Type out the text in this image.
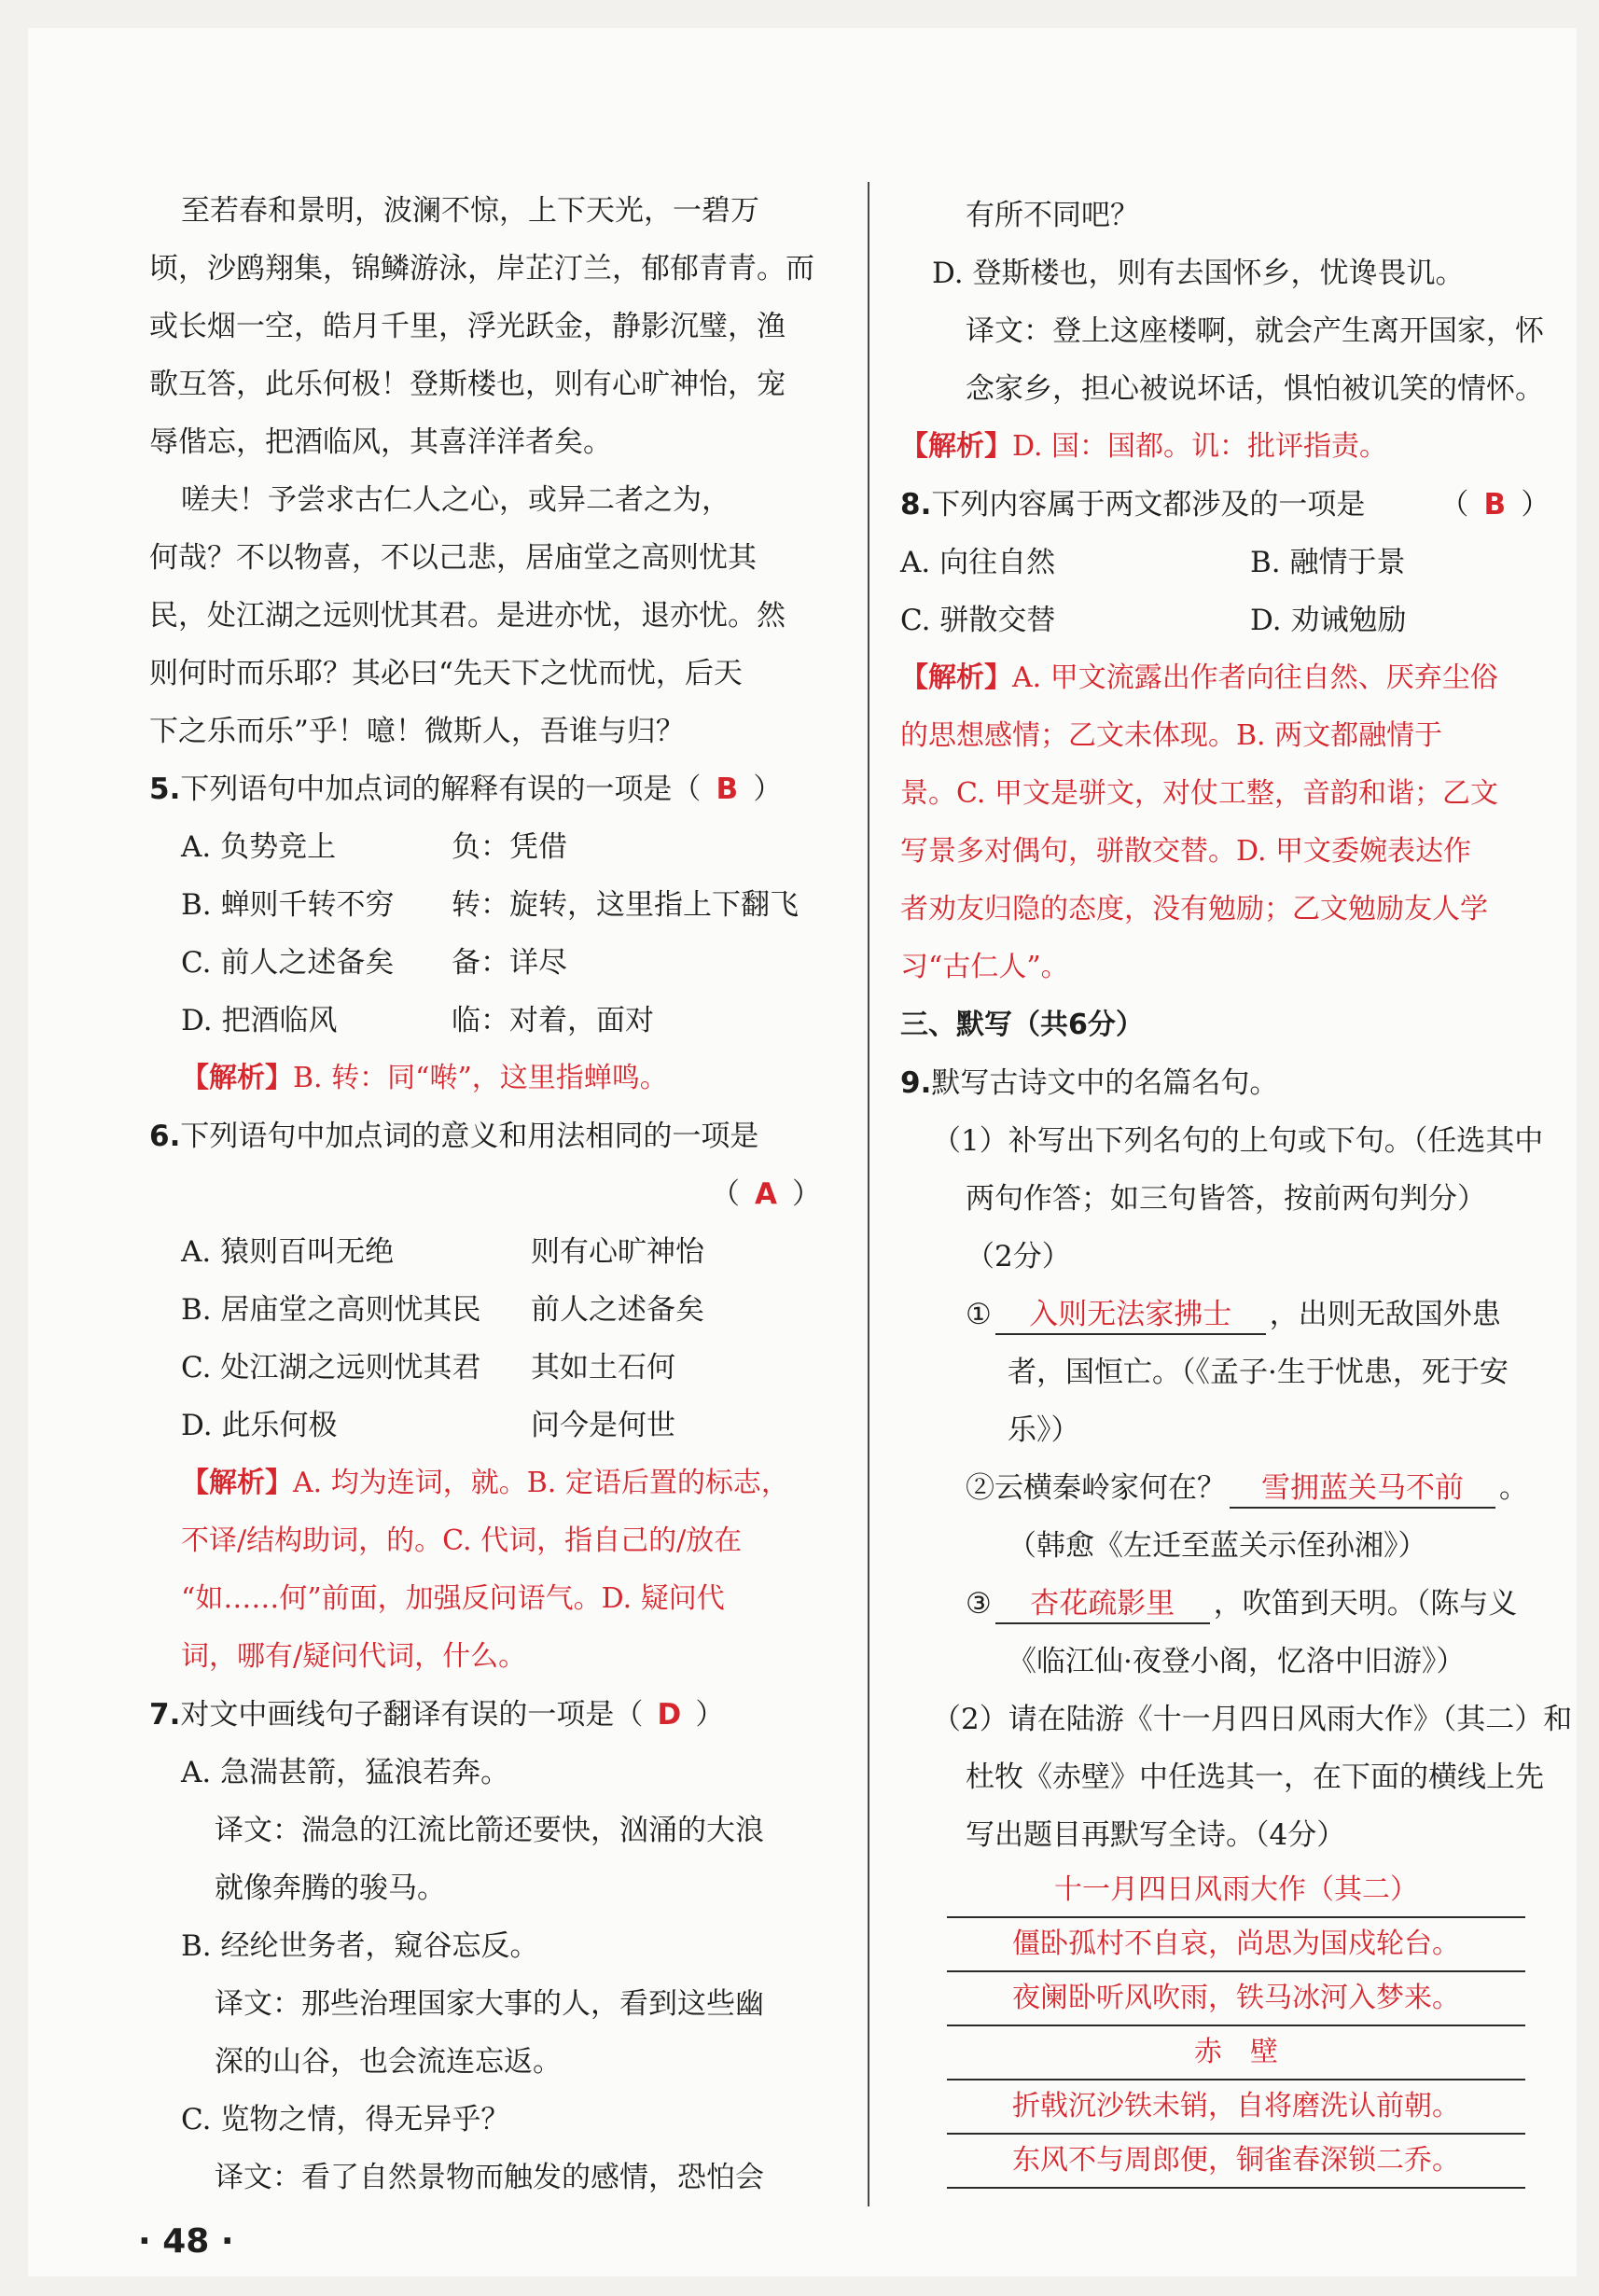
至若春和景明，波澜不惊，上下天光，一碧万
顷，沙鸥翔集，锦鳞游泳，岸芷汀兰，郁郁青青。而
或长烟一空，皓月千里，浮光跃金，静影沉璧，渔
歌互答，此乐何极！登斯楼也，则有心旷神怡，宠
辱偕忘，把酒临风，其喜洋洋者矣。
嗟夫！予尝求古仁人之心，或异二者之为，
何哉？不以物喜，不以己悲，居庙堂之高则忧其
民，处江湖之远则忧其君。是进亦忧，退亦忧。然
则何时而乐耶？其必曰“先天下之忧而忧，后天
下之乐而乐”乎！噫！微斯人，吾谁与归？
5.下列语句中加点词的解释有误的一项是（ B ）
A. 负势竞上	负：凭借
B. 蝉则千转不穷	转：旋转，这里指上下翻飞
C. 前人之述备矣	备：详尽
D. 把酒临风	临：对着，面对
【解析】B. 转：同“啭”，这里指蝉鸣。
6.下列语句中加点词的意义和用法相同的一项是
（ A ）
A. 猿则百叫无绝	则有心旷神怡
B. 居庙堂之高则忧其民	前人之述备矣
C. 处江湖之远则忧其君	其如土石何
D. 此乐何极	问今是何世
【解析】A. 均为连词，就。B. 定语后置的标志，
不译/结构助词，的。C. 代词，指自己的/放在
“如……何”前面，加强反问语气。D. 疑问代
词，哪有/疑问代词，什么。
7.对文中画线句子翻译有误的一项是（ D ）
A. 急湍甚箭，猛浪若奔。
译文：湍急的江流比箭还要快，汹涌的大浪
就像奔腾的骏马。
B. 经纶世务者，窥谷忘反。
译文：那些治理国家大事的人，看到这些幽
深的山谷，也会流连忘返。
C. 览物之情，得无异乎？
译文：看了自然景物而触发的感情，恐怕会
有所不同吧？
D. 登斯楼也，则有去国怀乡，忧谗畏讥。
译文：登上这座楼啊，就会产生离开国家，怀
念家乡，担心被说坏话，惧怕被讥笑的情怀。
【解析】D. 国：国都。讥：批评指责。
8.下列内容属于两文都涉及的一项是	（ B ）
A. 向往自然	B. 融情于景
C. 骈散交替	D. 劝诫勉励
【解析】A. 甲文流露出作者向往自然、厌弃尘俗
的思想感情；乙文未体现。B. 两文都融情于
景。C. 甲文是骈文，对仗工整，音韵和谐；乙文
写景多对偶句，骈散交替。D. 甲文委婉表达作
者劝友归隐的态度，没有勉励；乙文勉励友人学
习“古仁人”。
三、默写（共6分）
9.默写古诗文中的名篇名句。
（1）补写出下列名句的上句或下句。（任选其中
两句作答；如三句皆答，按前两句判分）
（2分）
① 入则无法家拂士 ，出则无敌国外患
者，国恒亡。（《孟子·生于忧患，死于安
乐》）
②云横秦岭家何在？ 雪拥蓝关马不前 。
（韩愈《左迁至蓝关示侄孙湘》）
③ 杏花疏影里 ，吹笛到天明。（陈与义
《临江仙·夜登小阁，忆洛中旧游》）
（2）请在陆游《十一月四日风雨大作》（其二）和
杜牧《赤壁》中任选其一，在下面的横线上先
写出题目再默写全诗。（4分）
十一月四日风雨大作（其二）
僵卧孤村不自哀，尚思为国戍轮台。
夜阑卧听风吹雨，铁马冰河入梦来。
赤　壁
折戟沉沙铁未销，自将磨洗认前朝。
东风不与周郎便，铜雀春深锁二乔。
· 48 ·
